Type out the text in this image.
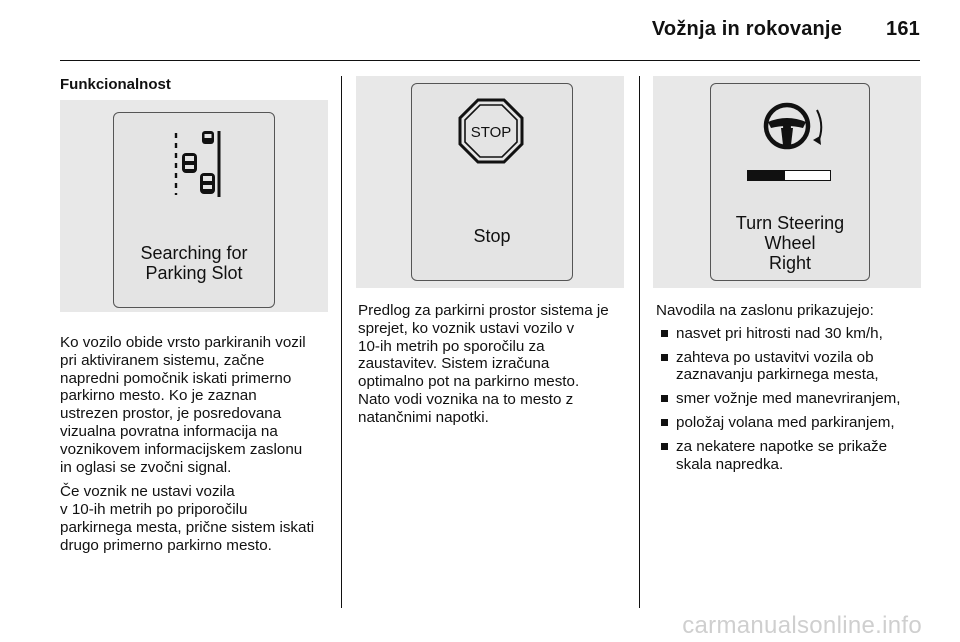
Vožnja in rokovanje 161
Funkcionalnost
Searching for
Parking Slot

Ko vozilo obide vrsto parkiranih vozil
pri aktiviranem sistemu, začne
napredni pomočnik iskati primerno
parkirno mesto. Ko je zaznan
ustrezen prostor, je posredovana
vizualna povratna informacija na
voznikovem informacijskem zaslonu
in oglasi se zvočni signal.

Če voznik ne ustavi vozila
v 10-ih metrih po priporočilu
parkirnega mesta, prične sistem iskati
drugo primerno parkirno mesto.

STOP
Stop

Predlog za parkirni prostor sistema je
sprejet, ko voznik ustavi vozilo v
10-ih metrih po sporočilu za
zaustavitev. Sistem izračuna
optimalno pot na parkirno mesto.
Nato vodi voznika na to mesto z
natančnimi napotki.

Turn Steering
Wheel
Right

Navodila na zaslonu prikazujejo:

nasvet pri hitrosti nad 30 km/h,
zahteva po ustavitvi vozila ob
zaznavanju parkirnega mesta,
smer vožnje med manevriranjem,
položaj volana med parkiranjem,
za nekatere napotke se prikaže
skala napredka.
carmanualsonline.info
